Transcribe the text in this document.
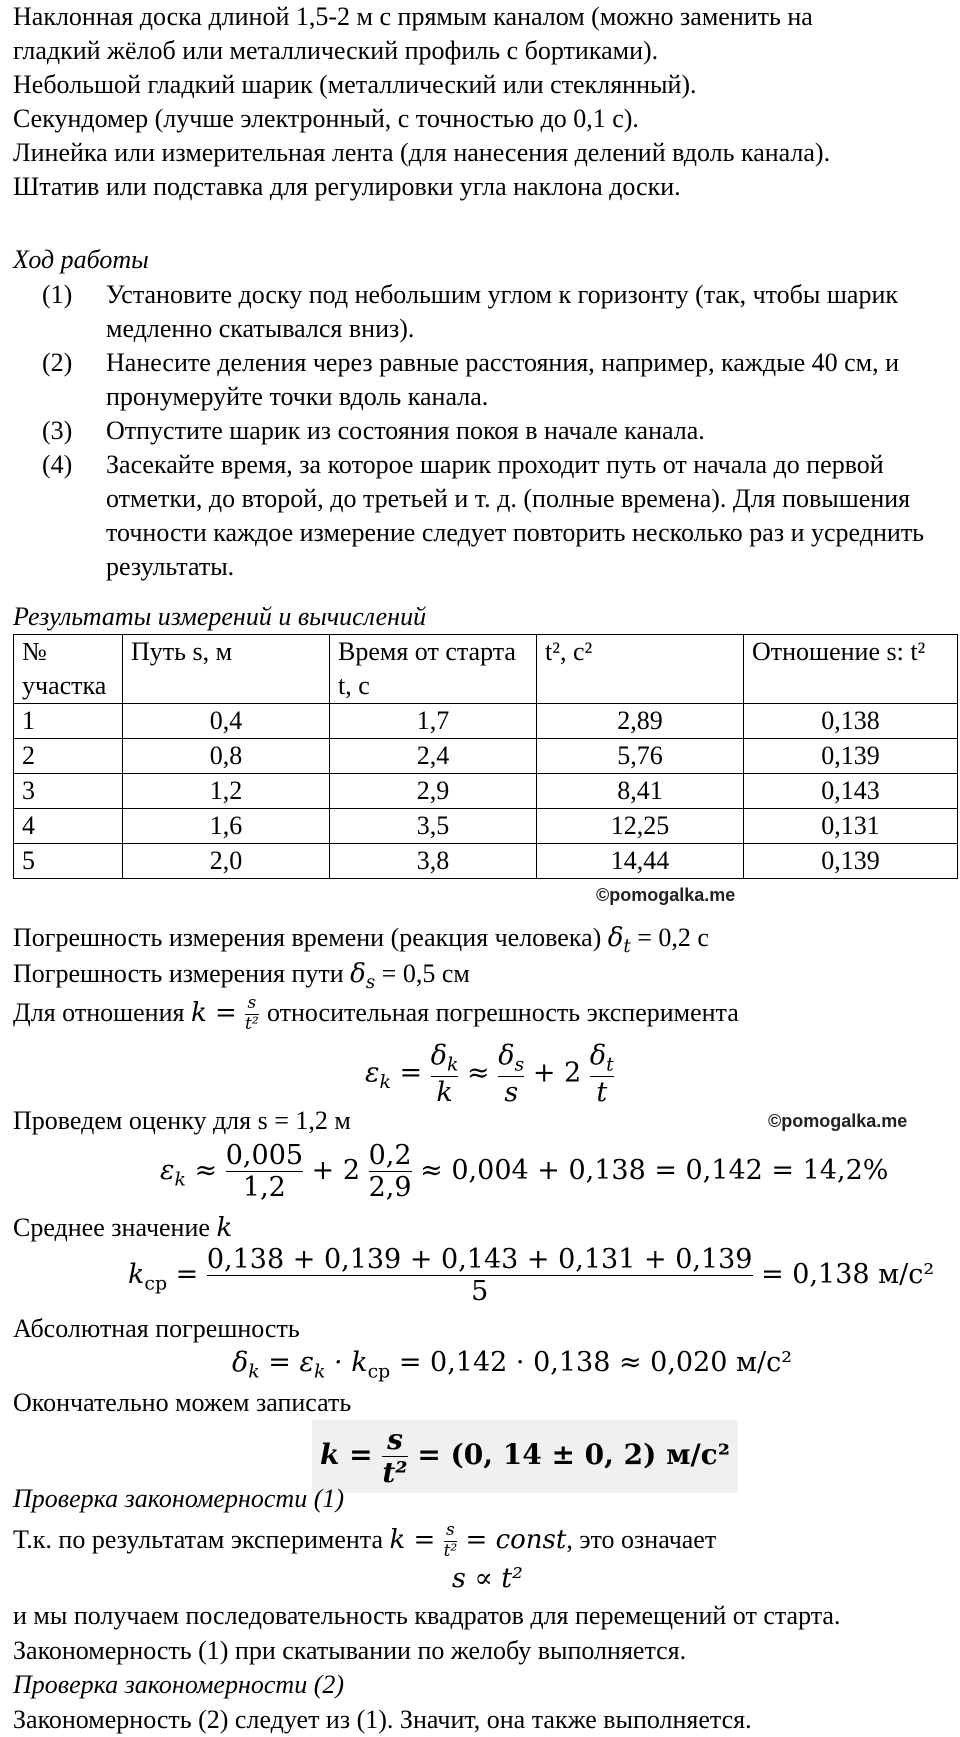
Наклонная доска длиной 1,5-2 м с прямым каналом (можно заменить на
гладкий жёлоб или металлический профиль с бортиками).
Небольшой гладкий шарик (металлический или стеклянный).
Секундомер (лучше электронный, с точностью до 0,1 с).
Линейка или измерительная лента (для нанесения делений вдоль канала).
Штатив или подставка для регулировки угла наклона доски.
Ход работы
(1) Установите доску под небольшим углом к горизонту (так, чтобы шарик медленно скатывался вниз).
(2) Нанесите деления через равные расстояния, например, каждые 40 см, и пронумеруйте точки вдоль канала.
(3) Отпустите шарик из состояния покоя в начале канала.
(4) Засекайте время, за которое шарик проходит путь от начала до первой отметки, до второй, до третьей и т. д. (полные времена). Для повышения точности каждое измерение следует повторить несколько раз и усреднить результаты.
Результаты измерений и вычислений
№ участка	Путь s, м	Время от старта t, с	t², с²	Отношение s: t²
1	0,4	1,7	2,89	0,138
2	0,8	2,4	5,76	0,139
3	1,2	2,9	8,41	0,143
4	1,6	3,5	12,25	0,131
5	2,0	3,8	14,44	0,139
©pomogalka.me
Погрешность измерения времени (реакция человека) $\delta_t = 0,2$ с
Погрешность измерения пути $\delta_s = 0,5$ см
Для отношения $k = \frac{s}{\text{t²}}$ относительная погрешность эксперимента
$\varepsilon_k = \frac{\delta_k}{k} \approx \frac{\delta_s}{s} + 2 \frac{\delta_t}{t}$
Проведем оценку для s = 1,2 м	©pomogalka.me
$\varepsilon_k \approx \frac{0,005}{1,2} + 2 \frac{0,2}{2,9} \approx 0,004 + 0,138 = 0,142 = 14,2\%$
Среднее значение k
$k_{ср} = \frac{0,138 + 0,139 + 0,143 + 0,131 + 0,139}{5} = 0,138$ м/с²
Абсолютная погрешность
$\delta_k = \varepsilon_k \cdot k_{ср} = 0,142 \cdot 0,138 \approx 0,020$ м/с²
Окончательно можем записать
$k = \frac{s}{\text{t²}} = (0$, 14 ± 0, 2) м/с²
Проверка закономерности (1)
Т.к. по результатам эксперимента $k = \frac{s}{\text{t²}}$ = const, это означает
s ∝ t²
и мы получаем последовательность квадратов для перемещений от старта.
Закономерность (1) при скатывании по желобу выполняется.
Проверка закономерности (2)
Закономерность (2) следует из (1). Значит, она также выполняется.
